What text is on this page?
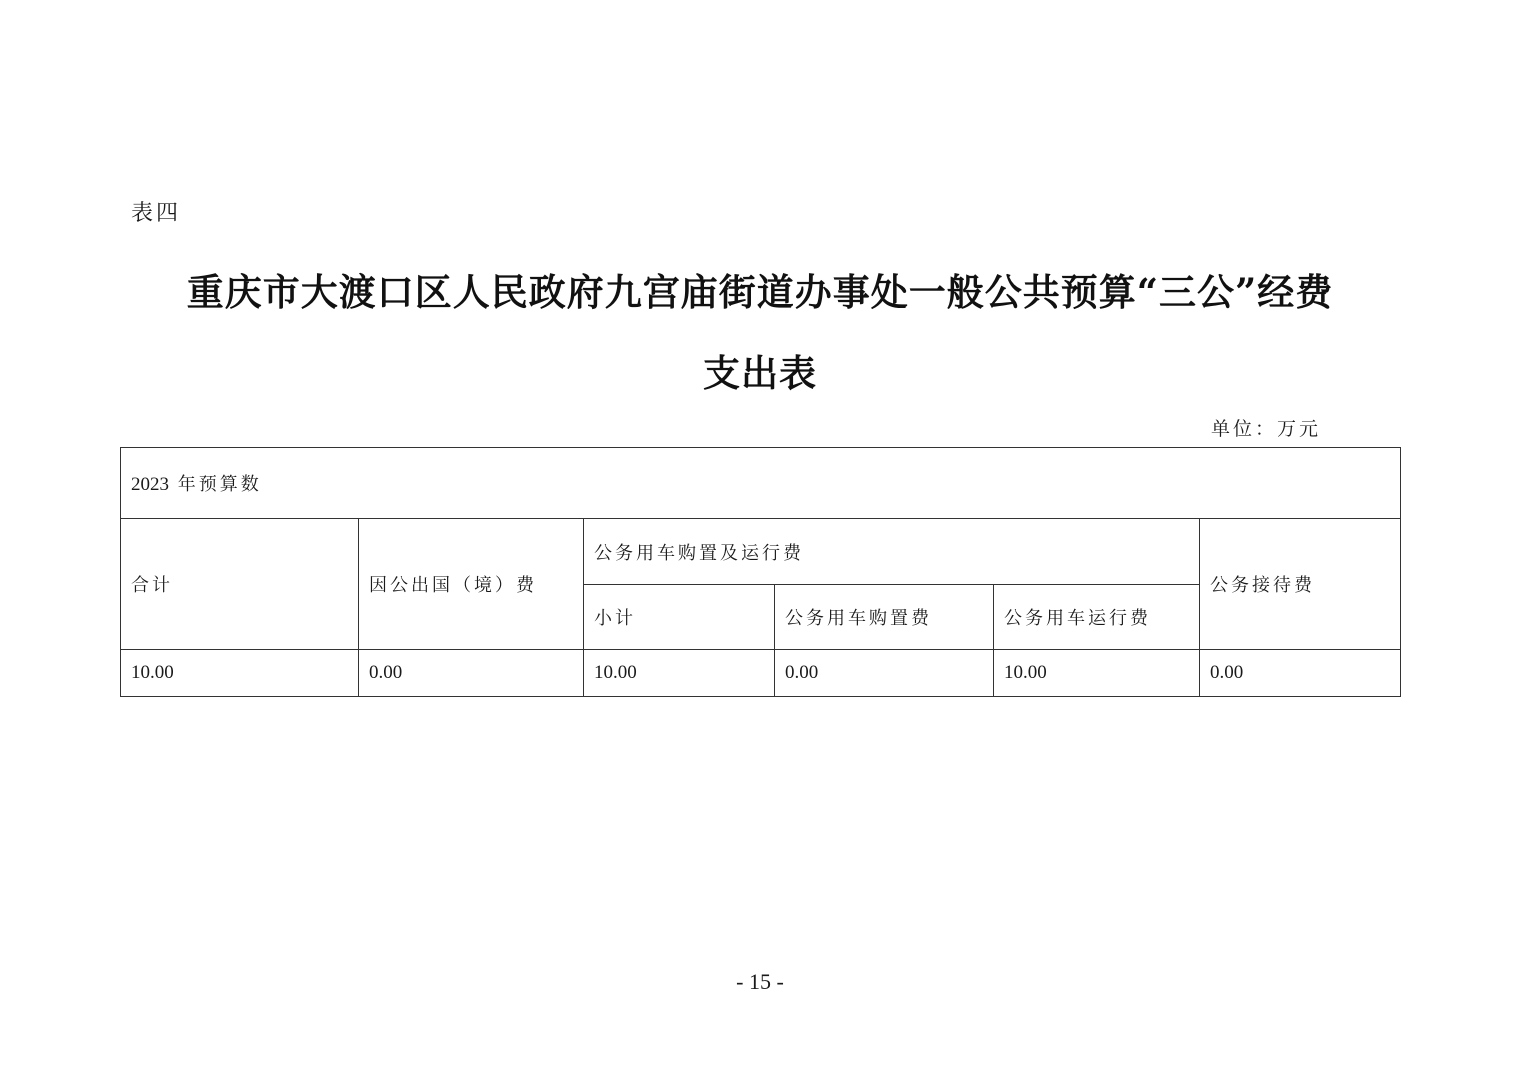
表四
重庆市大渡口区人民政府九宫庙街道办事处一般公共预算“三公”经费
支出表
单位：万元
2023 年预算数					
合计	因公出国（境）费	公务用车购置及运行费			公务接待费
		小计	公务用车购置费	公务用车运行费	
10.00	0.00	10.00	0.00	10.00	0.00
- 15 -
